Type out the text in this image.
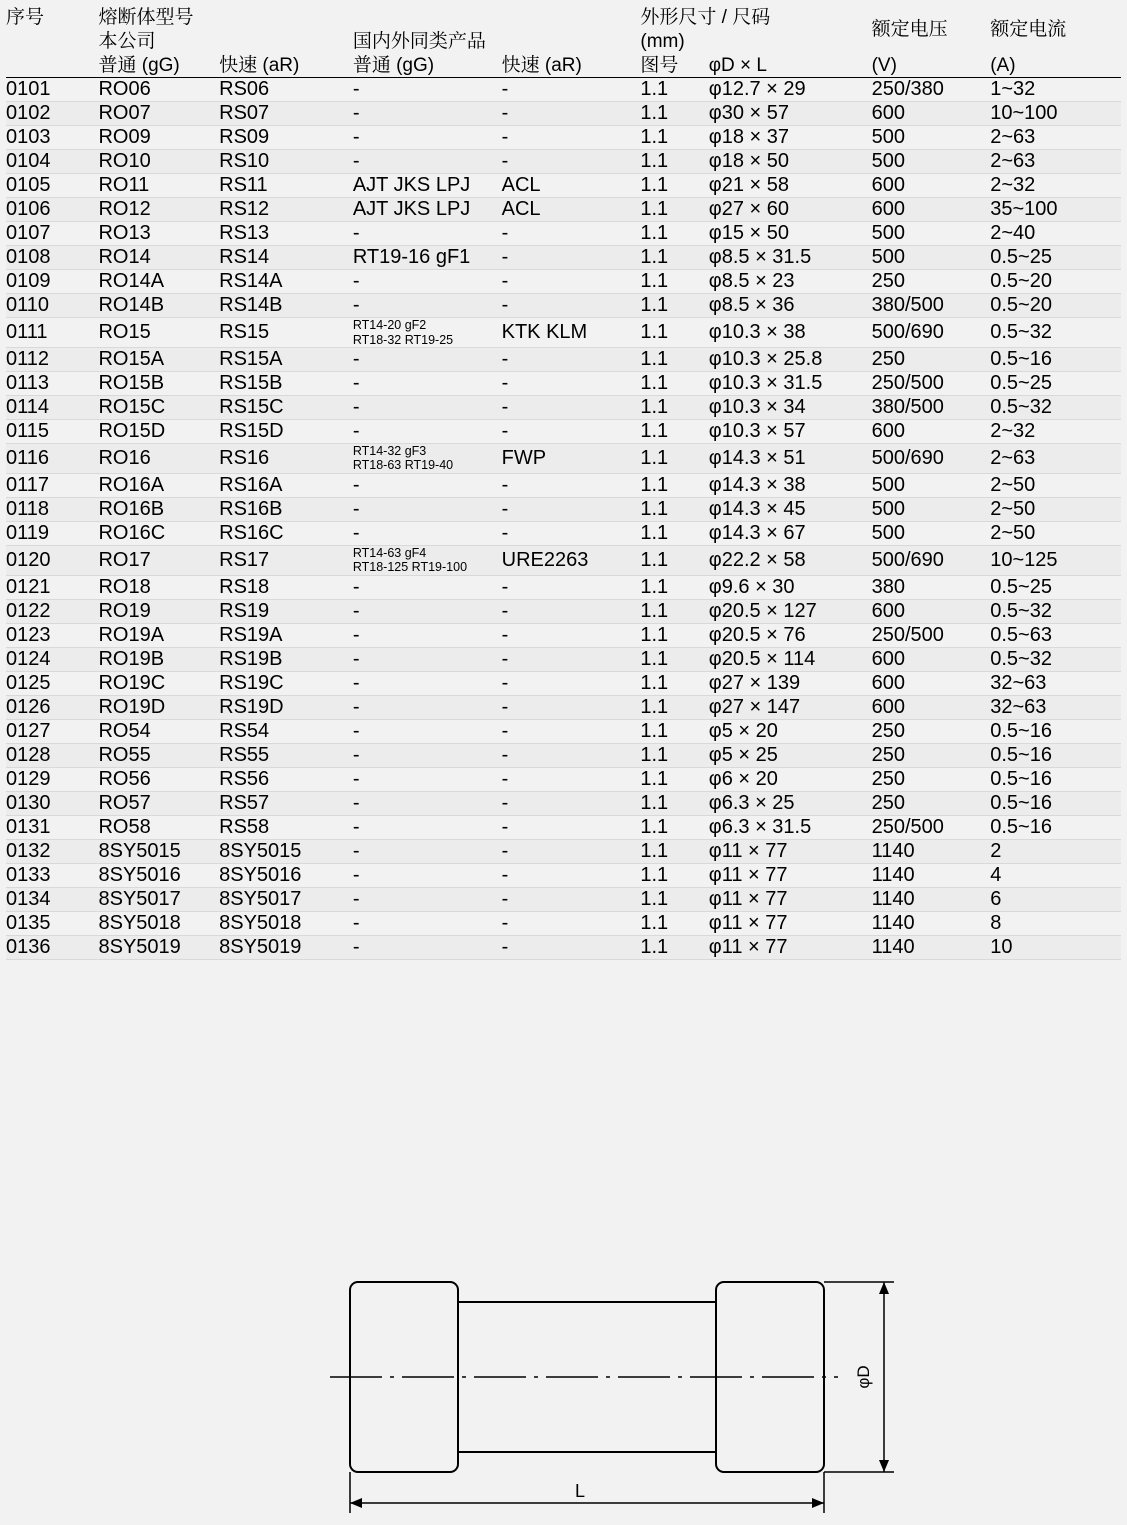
序号	熔断体型号				外形尺寸 / 尺码		额定电压	额定电流
	本公司		国内外同类产品		(mm)			
	普通 (gG)	快速 (aR)	普通 (gG)	快速 (aR)	图号	φD × L	(V)	(A)

0101	RO06	RS06	-	-	1.1	φ12.7 × 29	250/380	1~32
0102	RO07	RS07	-	-	1.1	φ30 × 57	600	10~100
0103	RO09	RS09	-	-	1.1	φ18 × 37	500	2~63
0104	RO10	RS10	-	-	1.1	φ18 × 50	500	2~63
0105	RO11	RS11	AJT JKS LPJ	ACL	1.1	φ21 × 58	600	2~32
0106	RO12	RS12	AJT JKS LPJ	ACL	1.1	φ27 × 60	600	35~100
0107	RO13	RS13	-	-	1.1	φ15 × 50	500	2~40
0108	RO14	RS14	RT19-16 gF1	-	1.1	φ8.5 × 31.5	500	0.5~25
0109	RO14A	RS14A	-	-	1.1	φ8.5 × 23	250	0.5~20
0110	RO14B	RS14B	-	-	1.1	φ8.5 × 36	380/500	0.5~20
0111	RO15	RS15	RT14-20 gF2
RT18-32 RT19-25	KTK KLM	1.1	φ10.3 × 38	500/690	0.5~32
0112	RO15A	RS15A	-	-	1.1	φ10.3 × 25.8	250	0.5~16
0113	RO15B	RS15B	-	-	1.1	φ10.3 × 31.5	250/500	0.5~25
0114	RO15C	RS15C	-	-	1.1	φ10.3 × 34	380/500	0.5~32
0115	RO15D	RS15D	-	-	1.1	φ10.3 × 57	600	2~32
0116	RO16	RS16	RT14-32 gF3
RT18-63 RT19-40	FWP	1.1	φ14.3 × 51	500/690	2~63
0117	RO16A	RS16A	-	-	1.1	φ14.3 × 38	500	2~50
0118	RO16B	RS16B	-	-	1.1	φ14.3 × 45	500	2~50
0119	RO16C	RS16C	-	-	1.1	φ14.3 × 67	500	2~50
0120	RO17	RS17	RT14-63 gF4
RT18-125 RT19-100	URE2263	1.1	φ22.2 × 58	500/690	10~125
0121	RO18	RS18	-	-	1.1	φ9.6 × 30	380	0.5~25
0122	RO19	RS19	-	-	1.1	φ20.5 × 127	600	0.5~32
0123	RO19A	RS19A	-	-	1.1	φ20.5 × 76	250/500	0.5~63
0124	RO19B	RS19B	-	-	1.1	φ20.5 × 114	600	0.5~32
0125	RO19C	RS19C	-	-	1.1	φ27 × 139	600	32~63
0126	RO19D	RS19D	-	-	1.1	φ27 × 147	600	32~63
0127	RO54	RS54	-	-	1.1	φ5 × 20	250	0.5~16
0128	RO55	RS55	-	-	1.1	φ5 × 25	250	0.5~16
0129	RO56	RS56	-	-	1.1	φ6 × 20	250	0.5~16
0130	RO57	RS57	-	-	1.1	φ6.3 × 25	250	0.5~16
0131	RO58	RS58	-	-	1.1	φ6.3 × 31.5	250/500	0.5~16
0132	8SY5015	8SY5015	-	-	1.1	φ11 × 77	1140	2
0133	8SY5016	8SY5016	-	-	1.1	φ11 × 77	1140	4
0134	8SY5017	8SY5017	-	-	1.1	φ11 × 77	1140	6
0135	8SY5018	8SY5018	-	-	1.1	φ11 × 77	1140	8
0136	8SY5019	8SY5019	-	-	1.1	φ11 × 77	1140	10
φD
L
